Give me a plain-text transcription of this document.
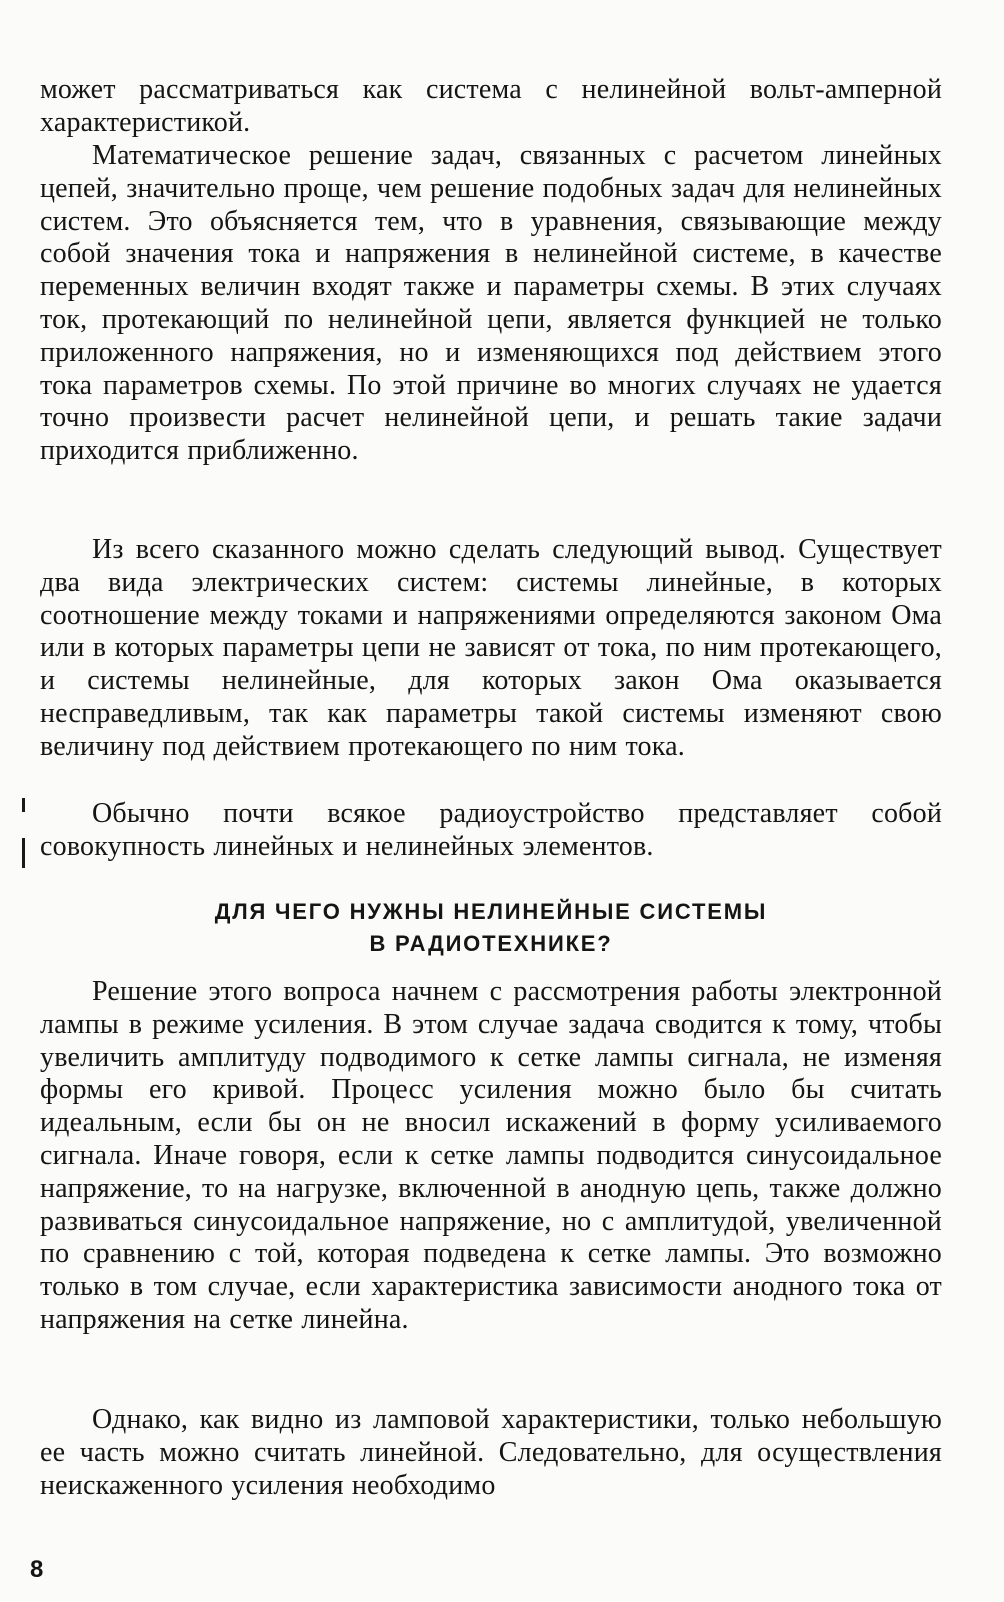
может рассматриваться как система с нелинейной вольт-амперной характеристикой.

Математическое решение задач, связанных с расчетом линейных цепей, значительно проще, чем решение подобных задач для нелинейных систем. Это объясняется тем, что в уравнения, связывающие между собой значения тока и напряжения в нелинейной системе, в качестве переменных величин входят также и параметры схемы. В этих случаях ток, протекающий по нелинейной цепи, является функцией не только приложенного напряжения, но и изменяющихся под действием этого тока параметров схемы. По этой причине во многих случаях не удается точно произвести расчет нелинейной цепи, и решать такие задачи приходится приближенно.

Из всего сказанного можно сделать следующий вывод. Существует два вида электрических систем: системы линейные, в которых соотношение между токами и напряжениями определяются законом Ома или в которых параметры цепи не зависят от тока, по ним протекающего, и системы нелинейные, для которых закон Ома оказывается несправедливым, так как параметры такой системы изменяют свою величину под действием протекающего по ним тока.

Обычно почти всякое радиоустройство представляет собой совокупность линейных и нелинейных элементов.

ДЛЯ ЧЕГО НУЖНЫ НЕЛИНЕЙНЫЕ СИСТЕМЫ
В РАДИОТЕХНИКЕ?

Решение этого вопроса начнем с рассмотрения работы электронной лампы в режиме усиления. В этом случае задача сводится к тому, чтобы увеличить амплитуду подводимого к сетке лампы сигнала, не изменяя формы его кривой. Процесс усиления можно было бы считать идеальным, если бы он не вносил искажений в форму усиливаемого сигнала. Иначе говоря, если к сетке лампы подводится синусоидальное напряжение, то на нагрузке, включенной в анодную цепь, также должно развиваться синусоидальное напряжение, но с амплитудой, увеличенной по сравнению с той, которая подведена к сетке лампы. Это возможно только в том случае, если характеристика зависимости анодного тока от напряжения на сетке линейна.

Однако, как видно из ламповой характеристики, только небольшую ее часть можно считать линейной. Следовательно, для осуществления неискаженного усиления необходимо

8
